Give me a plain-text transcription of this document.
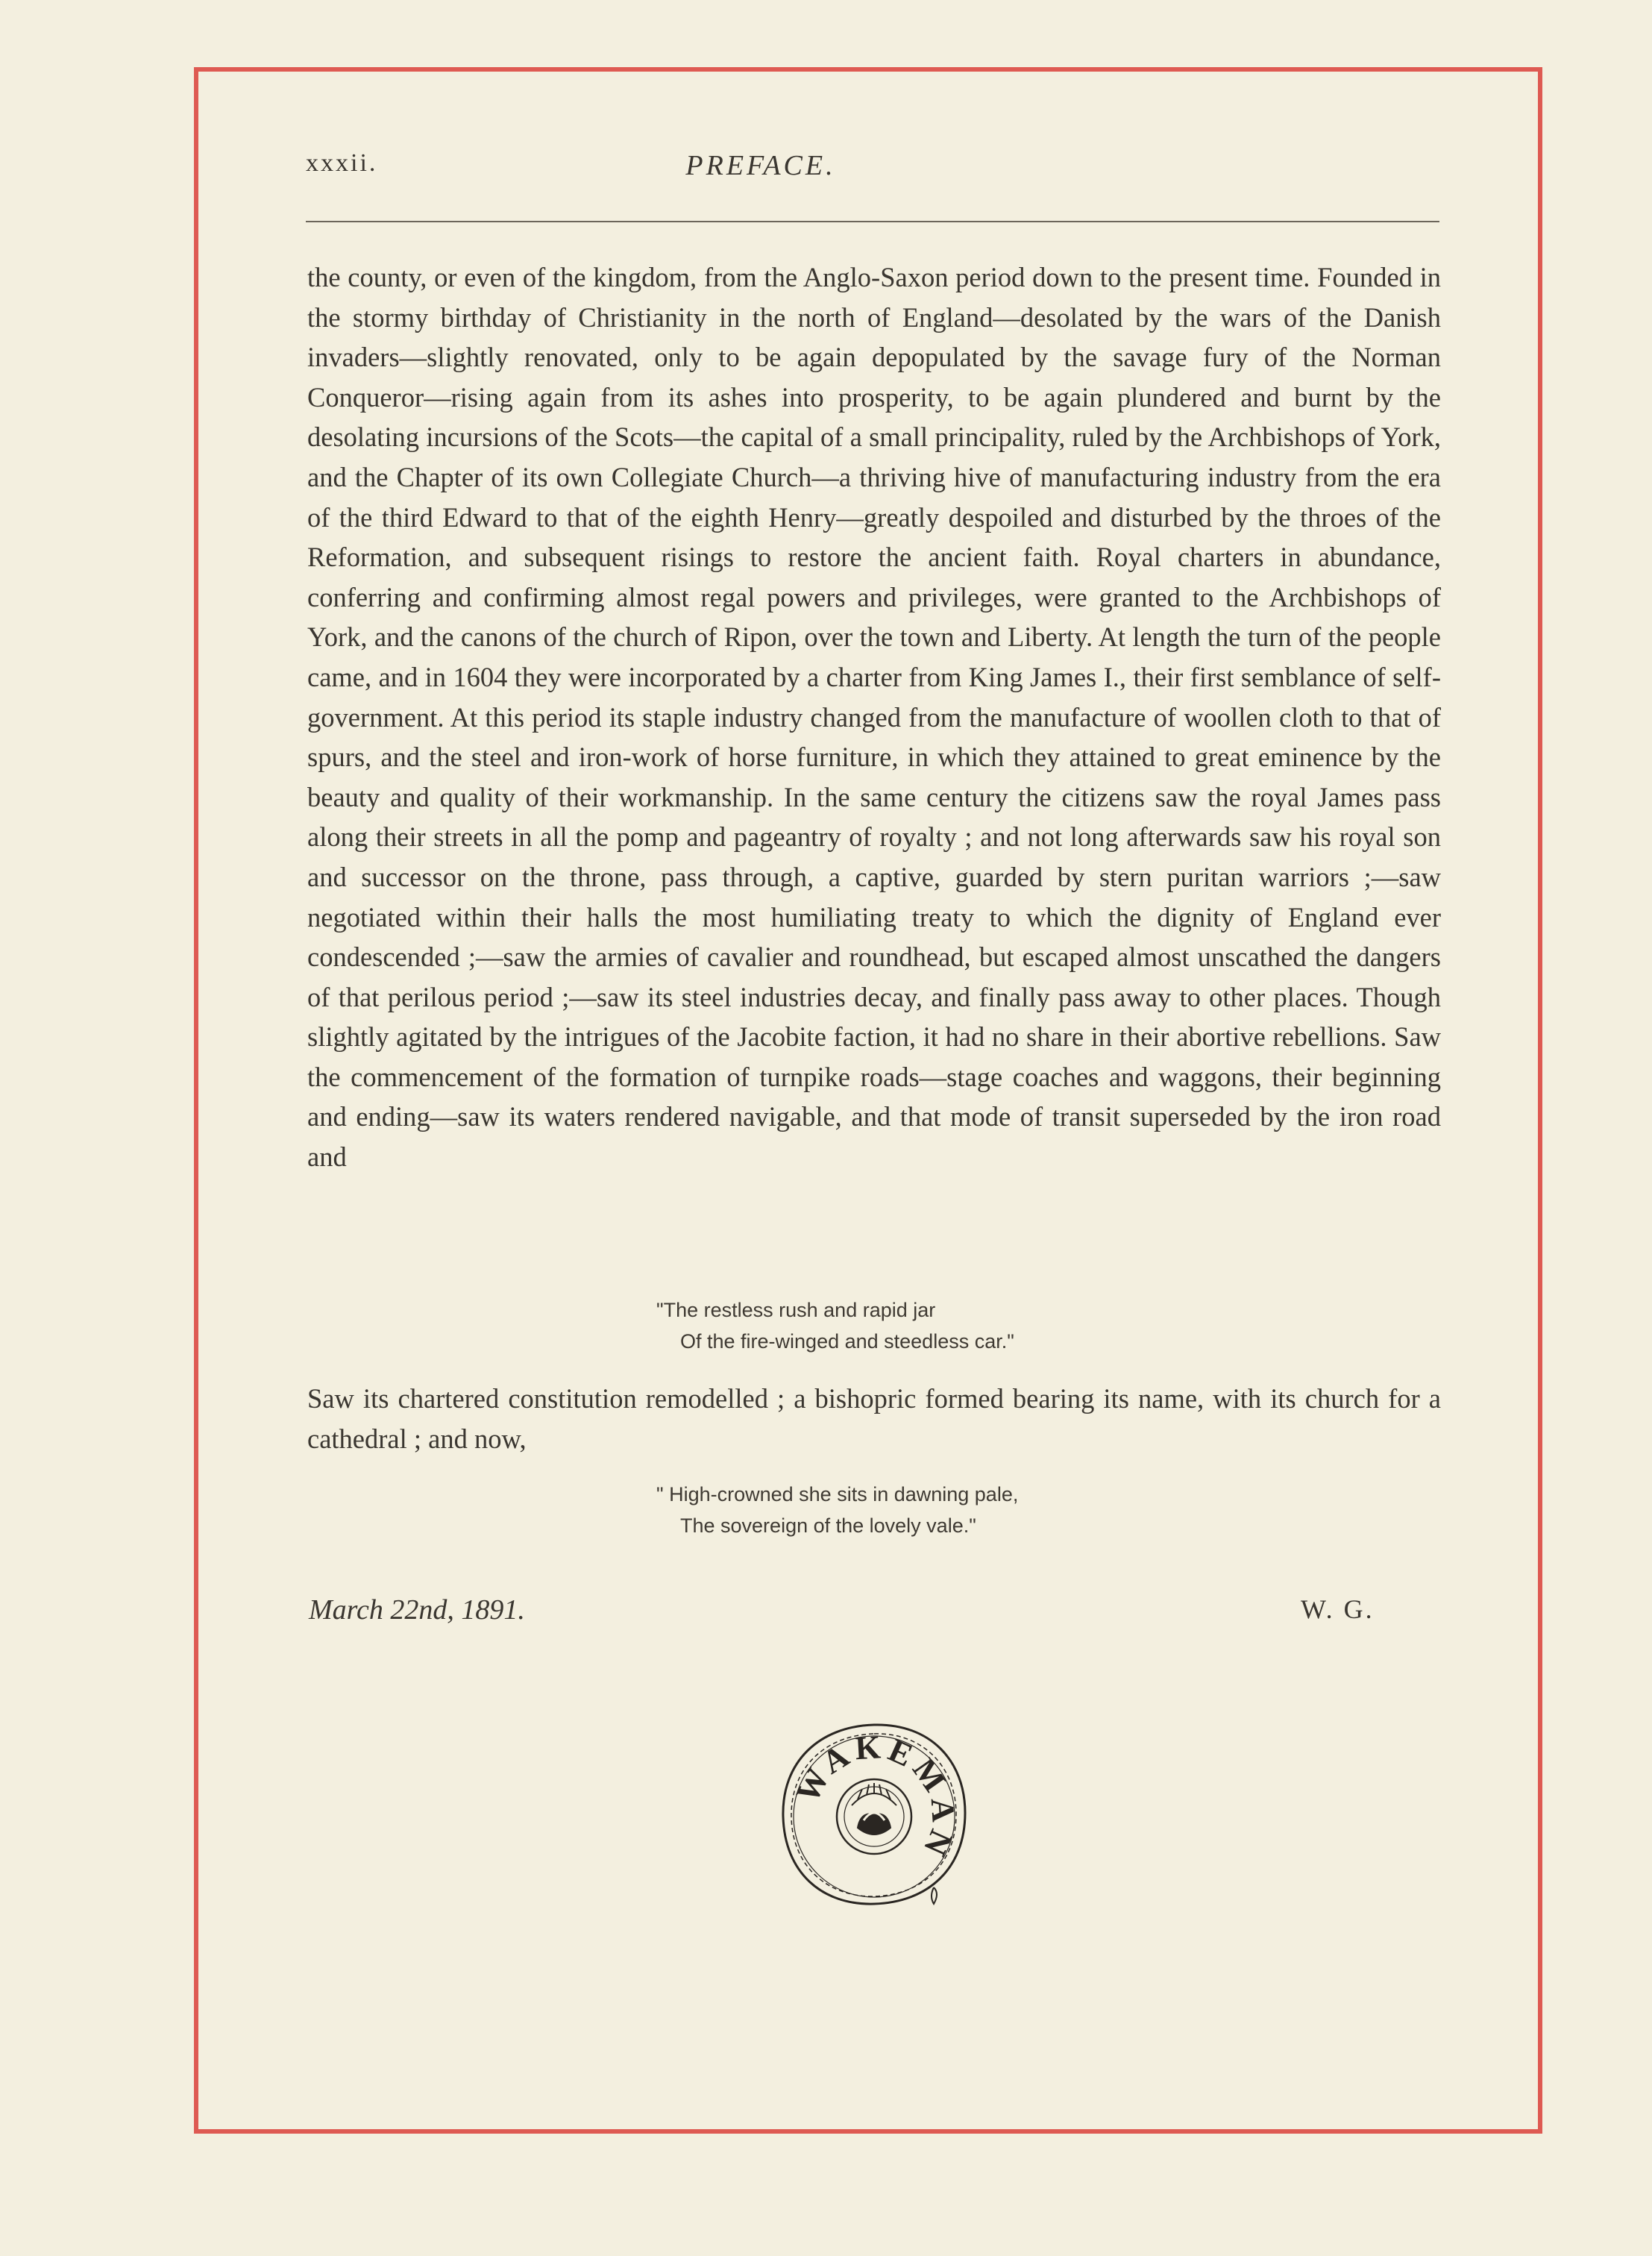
xxxii.	PREFACE.

the county, or even of the kingdom, from the Anglo-Saxon period down to the present time. Founded in the stormy birthday of Christianity in the north of England—desolated by the wars of the Danish invaders—slightly renovated, only to be again depopulated by the savage fury of the Norman Conqueror—rising again from its ashes into prosperity, to be again plundered and burnt by the desolating incursions of the Scots—the capital of a small principality, ruled by the Archbishops of York, and the Chapter of its own Collegiate Church—a thriving hive of manufacturing industry from the era of the third Edward to that of the eighth Henry—greatly despoiled and disturbed by the throes of the Reformation, and subsequent risings to restore the ancient faith. Royal charters in abundance, conferring and confirming almost regal powers and privileges, were granted to the Archbishops of York, and the canons of the church of Ripon, over the town and Liberty. At length the turn of the people came, and in 1604 they were incorporated by a charter from King James I., their first semblance of self-government. At this period its staple industry changed from the manufacture of woollen cloth to that of spurs, and the steel and iron-work of horse furniture, in which they attained to great eminence by the beauty and quality of their workmanship. In the same century the citizens saw the royal James pass along their streets in all the pomp and pageantry of royalty ; and not long afterwards saw his royal son and successor on the throne, pass through, a captive, guarded by stern puritan warriors ;—saw negotiated within their halls the most humiliating treaty to which the dignity of England ever condescended ;—saw the armies of cavalier and roundhead, but escaped almost unscathed the dangers of that perilous period ;—saw its steel industries decay, and finally pass away to other places. Though slightly agitated by the intrigues of the Jacobite faction, it had no share in their abortive rebellions. Saw the commencement of the formation of turnpike roads—stage coaches and waggons, their beginning and ending—saw its waters rendered navigable, and that mode of transit superseded by the iron road and

"The restless rush and rapid jar
Of the fire-winged and steedless car."

Saw its chartered constitution remodelled ; a bishopric formed bearing its name, with its church for a cathedral ; and now,

" High-crowned she sits in dawning pale,
The sovereign of the lovely vale."
March 22nd, 1891.	W. G.
WAKEMAN
